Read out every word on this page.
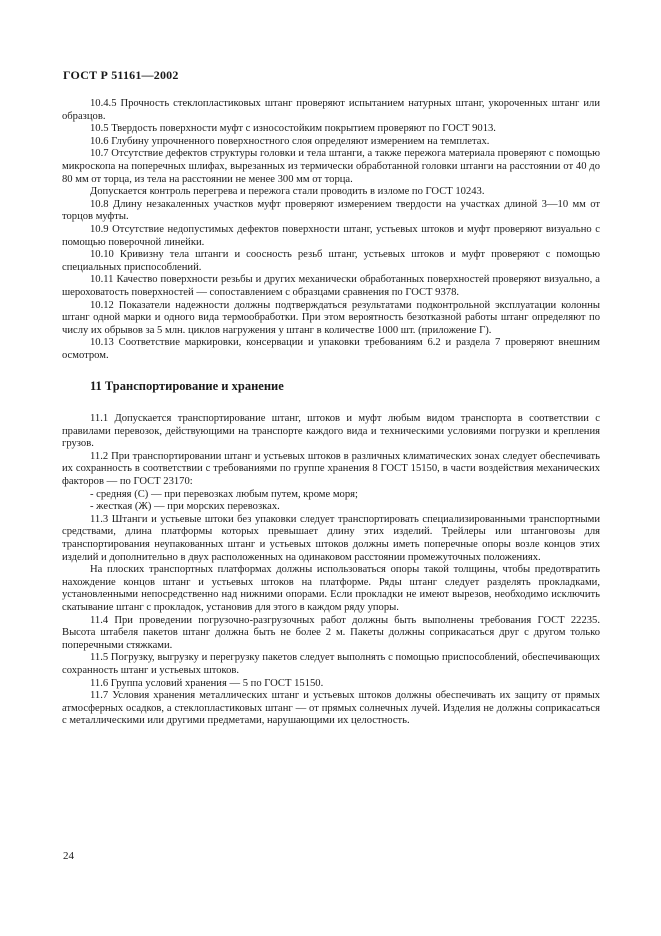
ГОСТ Р 51161—2002

10.4.5 Прочность стеклопластиковых штанг проверяют испытанием натурных штанг, укороченных штанг или образцов.

10.5 Твердость поверхности муфт с износостойким покрытием проверяют по ГОСТ 9013.

10.6 Глубину упрочненного поверхностного слоя определяют измерением на темплетах.

10.7 Отсутствие дефектов структуры головки и тела штанги, а также пережога материала проверяют с помощью микроскопа на поперечных шлифах, вырезанных из термически обработанной головки штанги на расстоянии от 40 до 80 мм от торца, из тела на расстоянии не менее 300 мм от торца.

Допускается контроль перегрева и пережога стали проводить в изломе по ГОСТ 10243.

10.8 Длину незакаленных участков муфт проверяют измерением твердости на участках длиной 3—10 мм от торцов муфты.

10.9 Отсутствие недопустимых дефектов поверхности штанг, устьевых штоков и муфт проверяют визуально с помощью поверочной линейки.

10.10 Кривизну тела штанги и соосность резьб штанг, устьевых штоков и муфт проверяют с помощью специальных приспособлений.

10.11 Качество поверхности резьбы и других механически обработанных поверхностей проверяют визуально, а шероховатость поверхностей — сопоставлением с образцами сравнения по ГОСТ 9378.

10.12 Показатели надежности должны подтверждаться результатами подконтрольной эксплуатации колонны штанг одной марки и одного вида термообработки. При этом вероятность безотказной работы штанг определяют по числу их обрывов за 5 млн. циклов нагружения у штанг в количестве 1000 шт. (приложение Г).

10.13 Соответствие маркировки, консервации и упаковки требованиям 6.2 и раздела 7 проверяют внешним осмотром.

11 Транспортирование и хранение

11.1 Допускается транспортирование штанг, штоков и муфт любым видом транспорта в соответствии с правилами перевозок, действующими на транспорте каждого вида и техническими условиями погрузки и крепления грузов.

11.2 При транспортировании штанг и устьевых штоков в различных климатических зонах следует обеспечивать их сохранность в соответствии с требованиями по группе хранения 8 ГОСТ 15150, в части воздействия механических факторов — по ГОСТ 23170:

- средняя (С) — при перевозках любым путем, кроме моря;

- жесткая (Ж) — при морских перевозках.

11.3 Штанги и устьевые штоки без упаковки следует транспортировать специализированными транспортными средствами, длина платформы которых превышает длину этих изделий. Трейлеры или штанговозы для транспортирования неупакованных штанг и устьевых штоков должны иметь поперечные опоры возле концов этих изделий и дополнительно в двух расположенных на одинаковом расстоянии промежуточных положениях.

На плоских транспортных платформах должны использоваться опоры такой толщины, чтобы предотвратить нахождение концов штанг и устьевых штоков на платформе. Ряды штанг следует разделять прокладками, установленными непосредственно над нижними опорами. Если прокладки не имеют вырезов, необходимо исключить скатывание штанг с прокладок, установив для этого в каждом ряду упоры.

11.4 При проведении погрузочно-разгрузочных работ должны быть выполнены требования ГОСТ 22235. Высота штабеля пакетов штанг должна быть не более 2 м. Пакеты должны соприкасаться друг с другом только поперечными стяжками.

11.5 Погрузку, выгрузку и перегрузку пакетов следует выполнять с помощью приспособлений, обеспечивающих сохранность штанг и устьевых штоков.

11.6 Группа условий хранения — 5 по ГОСТ 15150.

11.7 Условия хранения металлических штанг и устьевых штоков должны обеспечивать их защиту от прямых атмосферных осадков, а стеклопластиковых штанг — от прямых солнечных лучей. Изделия не должны соприкасаться с металлическими или другими предметами, нарушающими их целостность.

24
